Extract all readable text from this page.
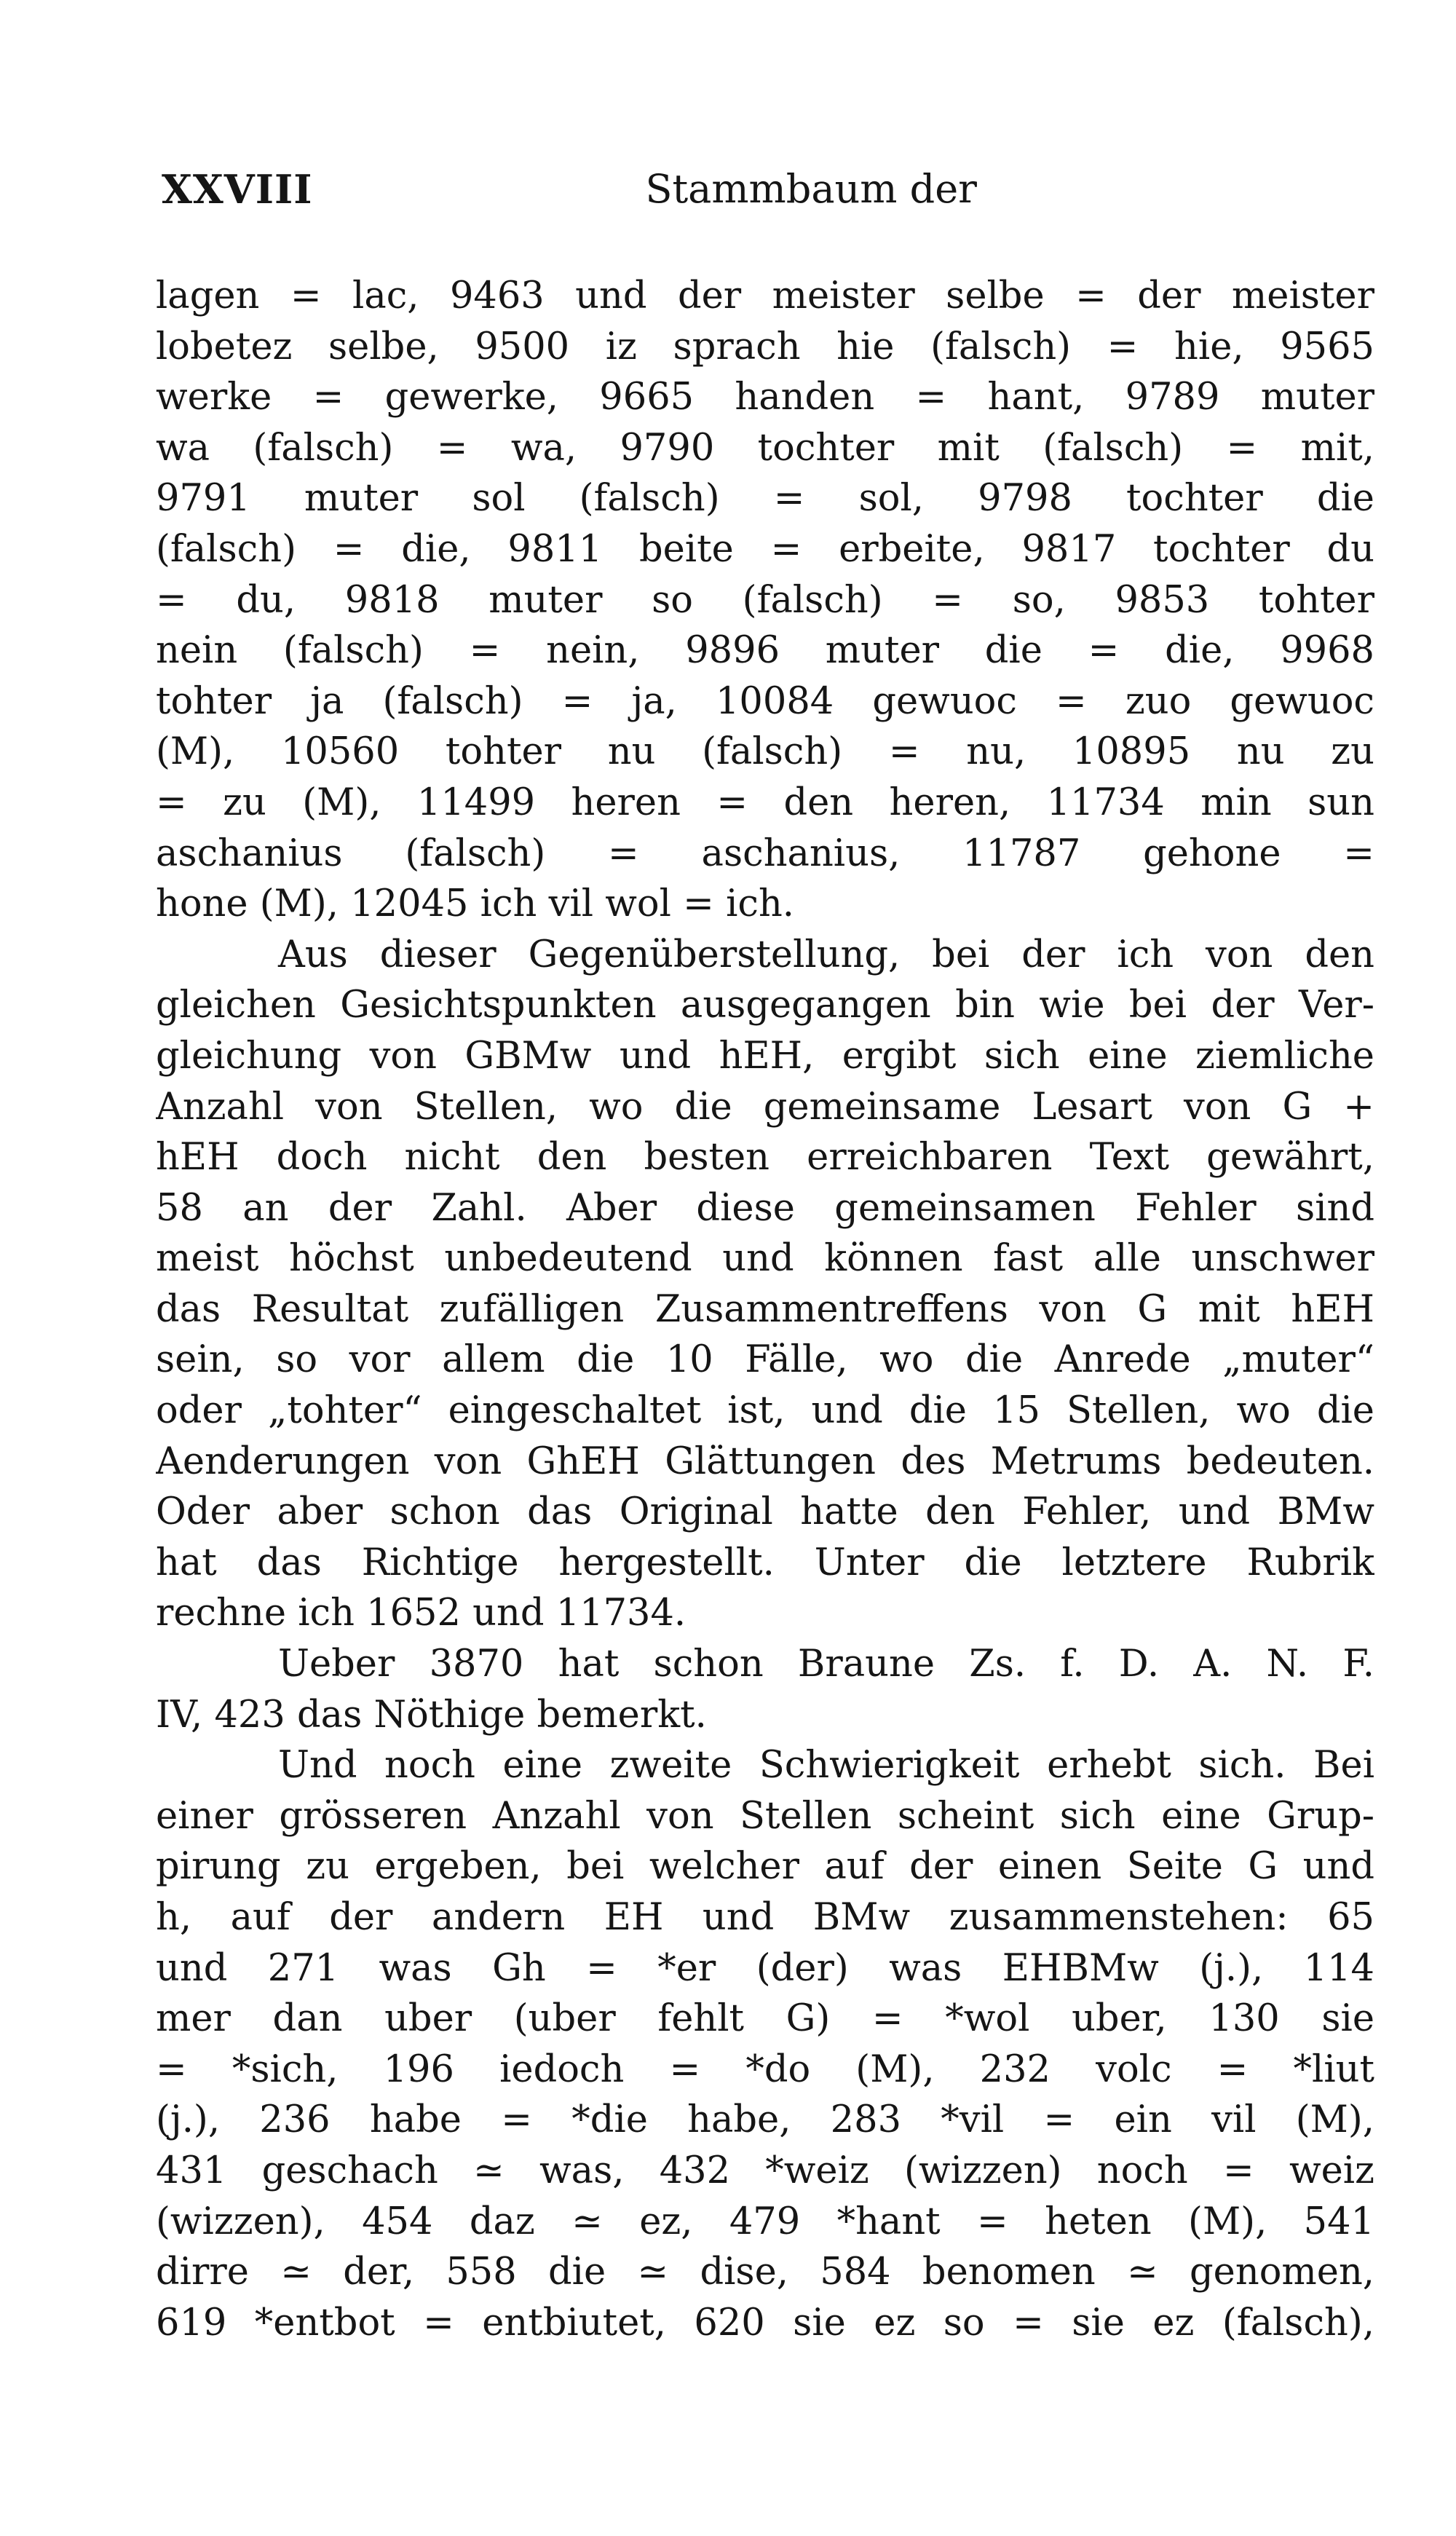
XXVIII	Stammbaum der
lagen = lac, 9463 und der meister selbe = der meister
lobetez selbe, 9500 iz sprach hie (falsch) = hie, 9565
werke = gewerke, 9665 handen = hant, 9789 muter
wa (falsch) = wa, 9790 tochter mit (falsch) = mit,
9791 muter sol (falsch) = sol, 9798 tochter die
(falsch) = die, 9811 beite = erbeite, 9817 tochter du
= du, 9818 muter so (falsch) = so, 9853 tohter
nein (falsch) = nein, 9896 muter die = die, 9968
tohter ja (falsch) = ja, 10084 gewuoc = zuo gewuoc
(M), 10560 tohter nu (falsch) = nu, 10895 nu zu
= zu (M), 11499 heren = den heren, 11734 min sun
aschanius (falsch) = aschanius, 11787 gehone =
hone (M), 12045 ich vil wol = ich.
Aus dieser Gegenüberstellung, bei der ich von den
gleichen Gesichtspunkten ausgegangen bin wie bei der Ver-
gleichung von GBMw und hEH, ergibt sich eine ziemliche
Anzahl von Stellen, wo die gemeinsame Lesart von G +
hEH doch nicht den besten erreichbaren Text gewährt,
58 an der Zahl. Aber diese gemeinsamen Fehler sind
meist höchst unbedeutend und können fast alle unschwer
das Resultat zufälligen Zusammentreffens von G mit hEH
sein, so vor allem die 10 Fälle, wo die Anrede „muter“
oder „tohter“ eingeschaltet ist, und die 15 Stellen, wo die
Aenderungen von GhEH Glättungen des Metrums bedeuten.
Oder aber schon das Original hatte den Fehler, und BMw
hat das Richtige hergestellt. Unter die letztere Rubrik
rechne ich 1652 und 11734.
Ueber 3870 hat schon Braune Zs. f. D. A. N. F.
IV, 423 das Nöthige bemerkt.
Und noch eine zweite Schwierigkeit erhebt sich. Bei
einer grösseren Anzahl von Stellen scheint sich eine Grup-
pirung zu ergeben, bei welcher auf der einen Seite G und
h, auf der andern EH und BMw zusammenstehen: 65
und 271 was Gh = *er (der) was EHBMw (j.), 114
mer dan uber (uber fehlt G) = *wol uber, 130 sie
= *sich, 196 iedoch = *do (M), 232 volc = *liut
(j.), 236 habe = *die habe, 283 *vil = ein vil (M),
431 geschach ≃ was, 432 *weiz (wizzen) noch = weiz
(wizzen), 454 daz ≃ ez, 479 *hant = heten (M), 541
dirre ≃ der, 558 die ≃ dise, 584 benomen ≃ genomen,
619 *entbot = entbiutet, 620 sie ez so = sie ez (falsch),
